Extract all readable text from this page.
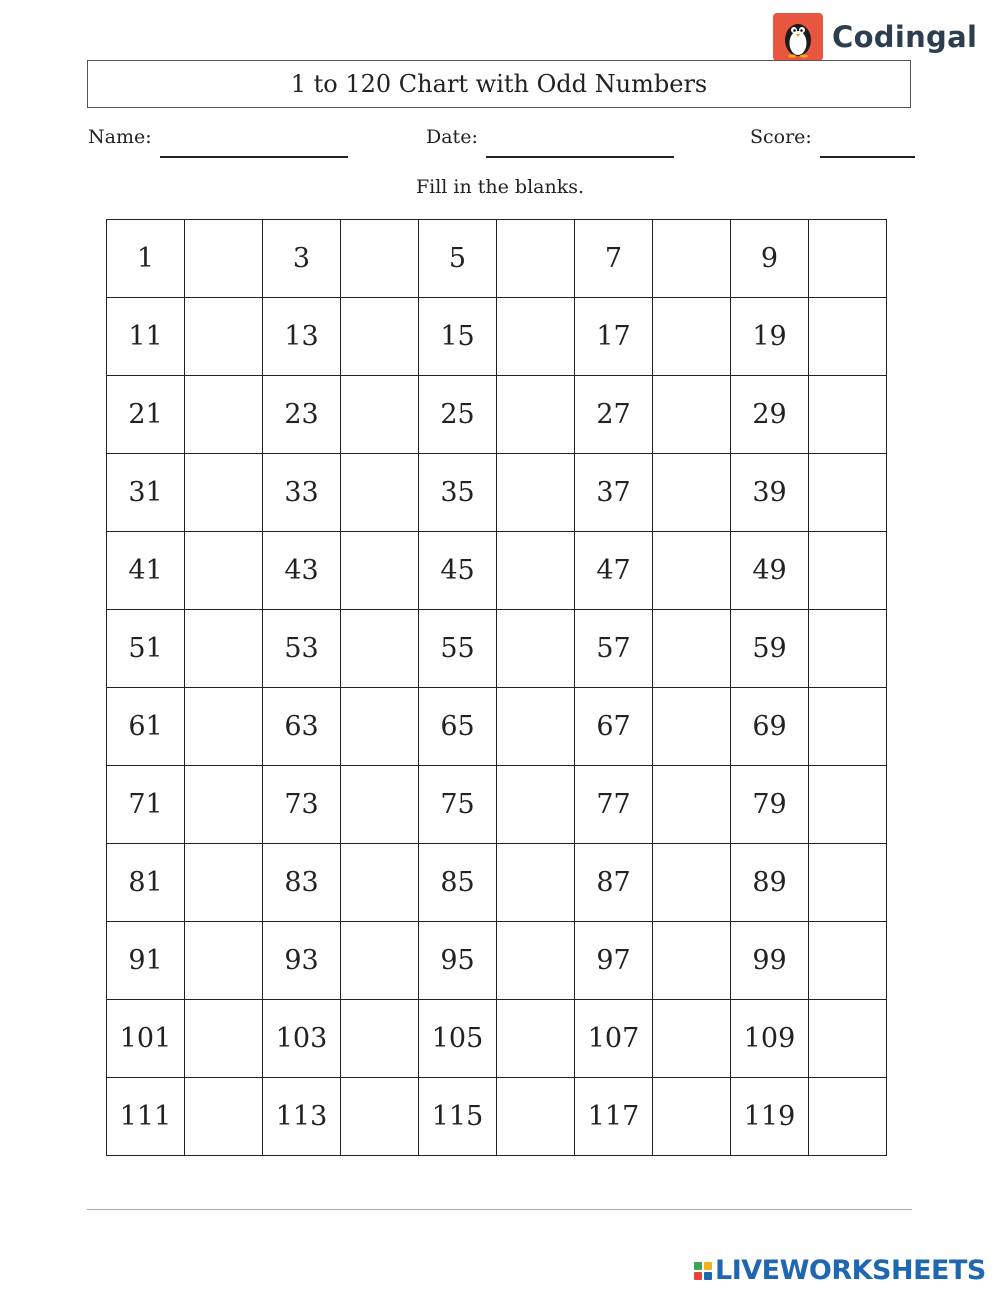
Codingal
1 to 120 Chart with Odd Numbers
Name:	Date:	Score:
Fill in the blanks.
1		3		5		7		9	
11		13		15		17		19	
21		23		25		27		29	
31		33		35		37		39	
41		43		45		47		49	
51		53		55		57		59	
61		63		65		67		69	
71		73		75		77		79	
81		83		85		87		89	
91		93		95		97		99	
101		103		105		107		109	
111		113		115		117		119	
LIVEWORKSHEETS
